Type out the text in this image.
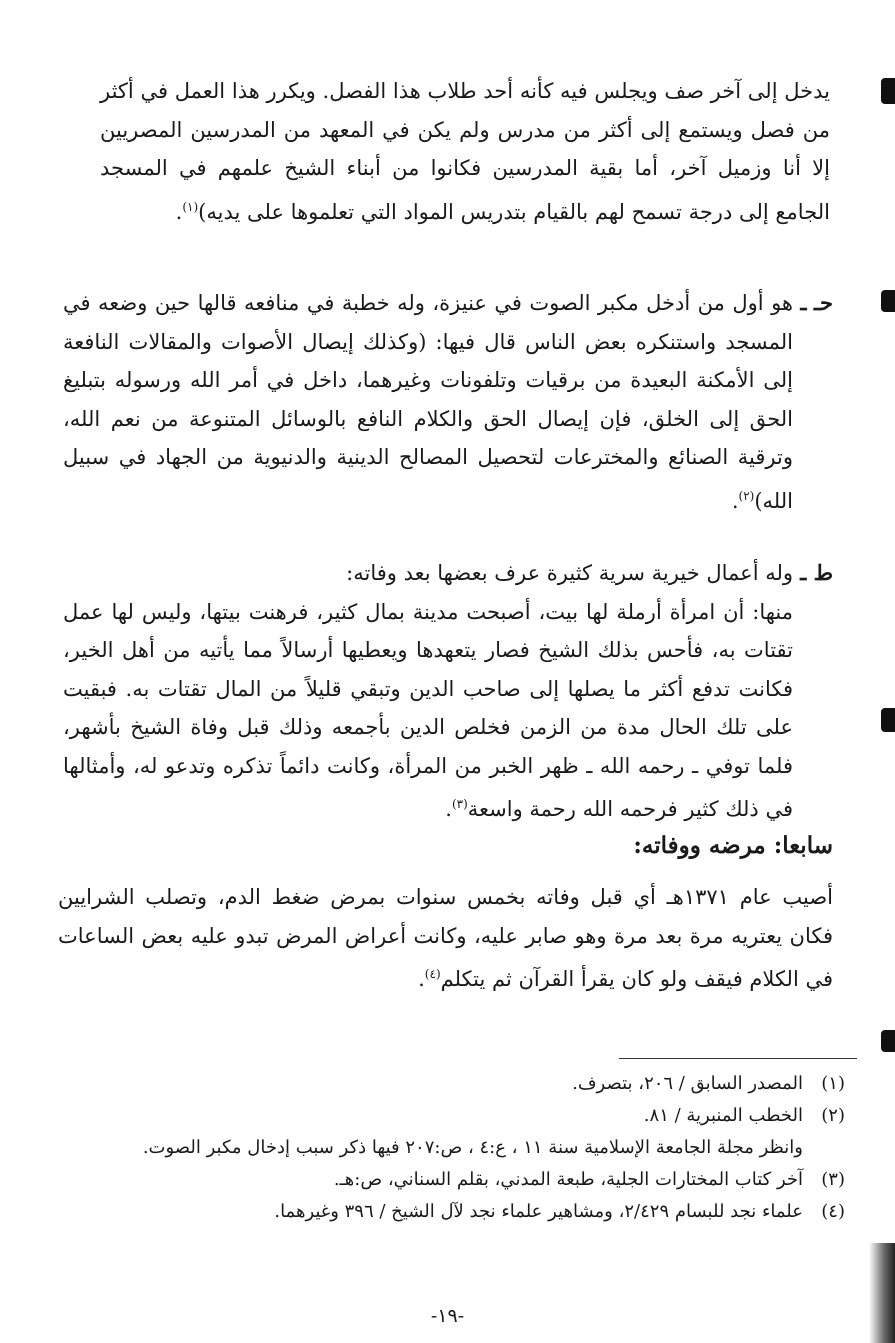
يدخل إلى آخر صف ويجلس فيه كأنه أحد طلاب هذا الفصل. ويكرر هذا العمل في أكثر من فصل ويستمع إلى أكثر من مدرس ولم يكن في المعهد من المدرسين المصريين إلا أنا وزميل آخر، أما بقية المدرسين فكانوا من أبناء الشيخ علمهم في المسجد الجامع إلى درجة تسمح لهم بالقيام بتدريس المواد التي تعلموها على يديه)$^{(١)}$.
حـ ـ
هو أول من أدخل مكبر الصوت في عنيزة، وله خطبة في منافعه قالها حين وضعه في المسجد واستنكره بعض الناس قال فيها: (وكذلك إيصال الأصوات والمقالات النافعة إلى الأمكنة البعيدة من برقيات وتلفونات وغيرهما، داخل في أمر الله ورسوله بتبليغ الحق إلى الخلق، فإن إيصال الحق والكلام النافع بالوسائل المتنوعة من نعم الله، وترقية الصنائع والمخترعات لتحصيل المصالح الدينية والدنيوية من الجهاد في سبيل الله)$^{(٢)}$.
ط ـ
وله أعمال خيرية سرية كثيرة عرف بعضها بعد وفاته:
منها: أن امرأة أرملة لها بيت، أصبحت مدينة بمال كثير، فرهنت بيتها، وليس لها عمل تقتات به، فأحس بذلك الشيخ فصار يتعهدها ويعطيها أرسالاً مما يأتيه من أهل الخير، فكانت تدفع أكثر ما يصلها إلى صاحب الدين وتبقي قليلاً من المال تقتات به. فبقيت على تلك الحال مدة من الزمن فخلص الدين بأجمعه وذلك قبل وفاة الشيخ بأشهر، فلما توفي ـ رحمه الله ـ ظهر الخبر من المرأة، وكانت دائماً تذكره وتدعو له، وأمثالها في ذلك كثير فرحمه الله رحمة واسعة$^{(٣)}$.
سابعا: مرضه ووفاته:
أصيب عام ١٣٧١هـ أي قبل وفاته بخمس سنوات بمرض ضغط الدم، وتصلب الشرايين فكان يعتريه مرة بعد مرة وهو صابر عليه، وكانت أعراض المرض تبدو عليه بعض الساعات في الكلام فيقف ولو كان يقرأ القرآن ثم يتكلم$^{(٤)}$.
(١)
المصدر السابق / ٢٠٦، بتصرف.
(٢)
الخطب المنبرية / ٨١.
وانظر مجلة الجامعة الإسلامية سنة ١١ ، ع:٤ ، ص:٢٠٧ فيها ذكر سبب إدخال مكبر الصوت.
(٣)
آخر كتاب المختارات الجلية، طبعة المدني، بقلم السناني، ص:هـ.
(٤)
علماء نجد للبسام ٢/٤٢٩، ومشاهير علماء نجد لآل الشيخ / ٣٩٦ وغيرهما.
-١٩-
